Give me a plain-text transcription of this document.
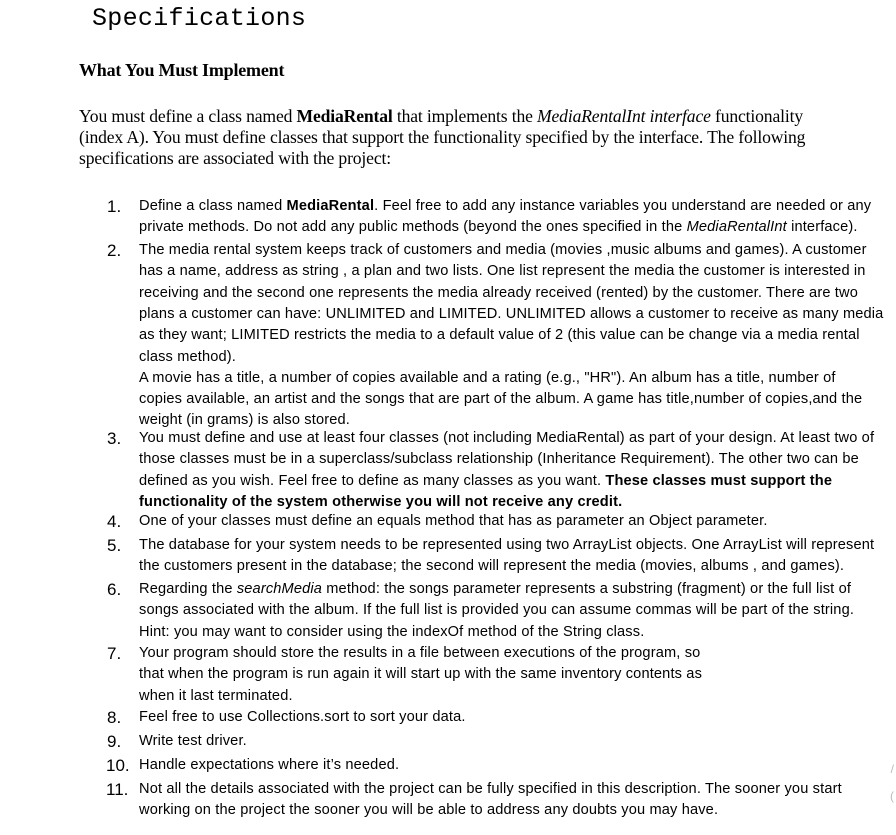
Specifications
What You Must Implement

You must define a class named MediaRental that implements the MediaRentalInt interface functionality
(index A). You must define classes that support the functionality specified by the interface. The following
specifications are associated with the project:

1. Define a class named MediaRental. Feel free to add any instance variables you understand are needed or any
private methods. Do not add any public methods (beyond the ones specified in the MediaRentalInt interface).
2. The media rental system keeps track of customers and media (movies ,music albums and games). A customer
has a name, address as string , a plan and two lists. One list represent the media the customer is interested in
receiving and the second one represents the media already received (rented) by the customer. There are two
plans a customer can have: UNLIMITED and LIMITED. UNLIMITED allows a customer to receive as many media
as they want; LIMITED restricts the media to a default value of 2 (this value can be change via a media rental
class method).
A movie has a title, a number of copies available and a rating (e.g., "HR"). An album has a title, number of
copies available, an artist and the songs that are part of the album. A game has title,number of copies,and the
weight (in grams) is also stored.
3. You must define and use at least four classes (not including MediaRental) as part of your design. At least two of
those classes must be in a superclass/subclass relationship (Inheritance Requirement). The other two can be
defined as you wish. Feel free to define as many classes as you want. These classes must support the
functionality of the system otherwise you will not receive any credit.
4. One of your classes must define an equals method that has as parameter an Object parameter.
5. The database for your system needs to be represented using two ArrayList objects. One ArrayList will represent
the customers present in the database; the second will represent the media (movies, albums , and games).
6. Regarding the searchMedia method: the songs parameter represents a substring (fragment) or the full list of
songs associated with the album. If the full list is provided you can assume commas will be part of the string.
Hint: you may want to consider using the indexOf method of the String class.
7. Your program should store the results in a file between executions of the program, so
that when the program is run again it will start up with the same inventory contents as
when it last terminated.
8. Feel free to use Collections.sort to sort your data.
9. Write test driver.
10. Handle expectations where it’s needed.
11. Not all the details associated with the project can be fully specified in this description. The sooner you start
working on the project the sooner you will be able to address any doubts you may have.
/
(
